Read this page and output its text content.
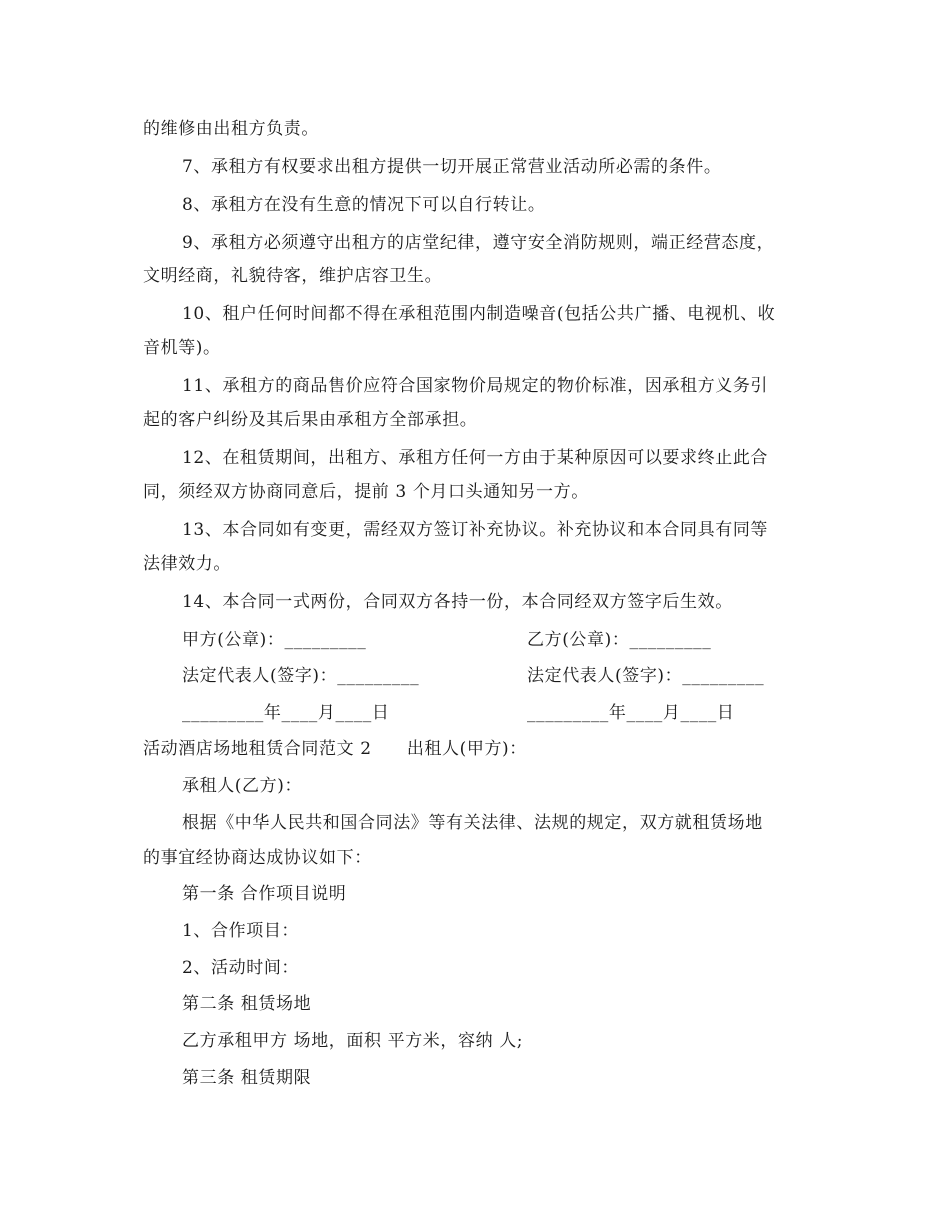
的维修由出租方负责。
7、承租方有权要求出租方提供一切开展正常营业活动所必需的条件。
8、承租方在没有生意的情况下可以自行转让。
9、承租方必须遵守出租方的店堂纪律，遵守安全消防规则，端正经营态度，
文明经商，礼貌待客，维护店容卫生。
10、租户任何时间都不得在承租范围内制造噪音(包括公共广播、电视机、收
音机等)。
11、承租方的商品售价应符合国家物价局规定的物价标准，因承租方义务引
起的客户纠纷及其后果由承租方全部承担。
12、在租赁期间，出租方、承租方任何一方由于某种原因可以要求终止此合
同，须经双方协商同意后，提前 3 个月口头通知另一方。
13、本合同如有变更，需经双方签订补充协议。补充协议和本合同具有同等
法律效力。
14、本合同一式两份，合同双方各持一份，本合同经双方签字后生效。
甲方(公章)：_________	乙方(公章)：_________
法定代表人(签字)：_________	法定代表人(签字)：_________
_________年____月____日	_________年____月____日
活动酒店场地租赁合同范文 2　　出租人(甲方)：
承租人(乙方)：
根据《中华人民共和国合同法》等有关法律、法规的规定，双方就租赁场地
的事宜经协商达成协议如下：
第一条 合作项目说明
1、合作项目：
2、活动时间：
第二条 租赁场地
乙方承租甲方 场地，面积 平方米，容纳 人;
第三条 租赁期限
